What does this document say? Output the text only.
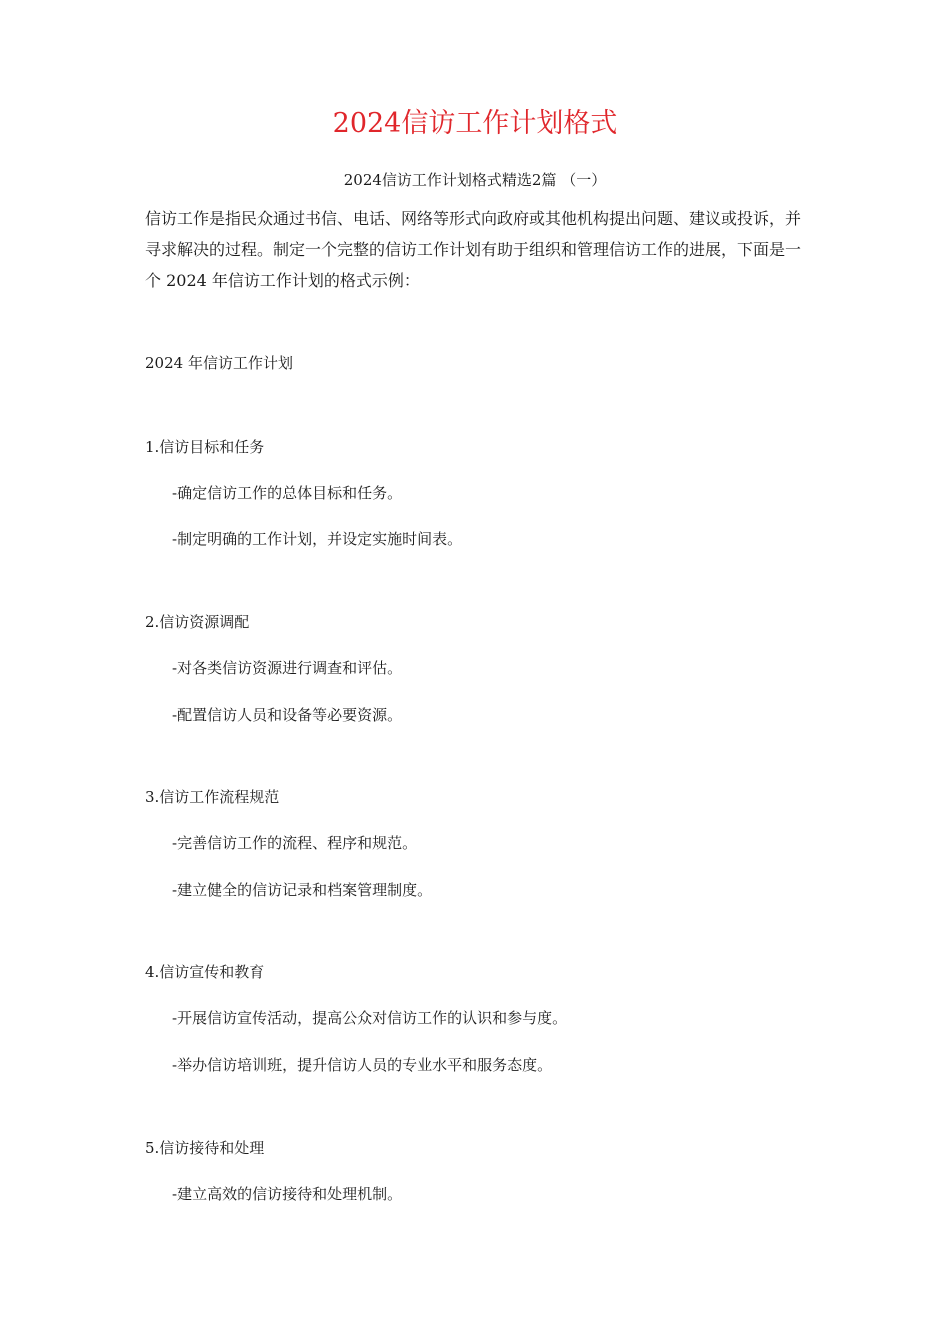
2024信访工作计划格式
2024信访工作计划格式精选2篇 （一）

信访工作是指民众通过书信、电话、网络等形式向政府或其他机构提出问题、建议或投诉，并寻求解决的过程。制定一个完整的信访工作计划有助于组织和管理信访工作的进展，下面是一个 2024 年信访工作计划的格式示例：

2024 年信访工作计划
1.信访目标和任务
-确定信访工作的总体目标和任务。
-制定明确的工作计划，并设定实施时间表。
2.信访资源调配
-对各类信访资源进行调查和评估。
-配置信访人员和设备等必要资源。
3.信访工作流程规范
-完善信访工作的流程、程序和规范。
-建立健全的信访记录和档案管理制度。
4.信访宣传和教育
-开展信访宣传活动，提高公众对信访工作的认识和参与度。
-举办信访培训班，提升信访人员的专业水平和服务态度。
5.信访接待和处理
-建立高效的信访接待和处理机制。
